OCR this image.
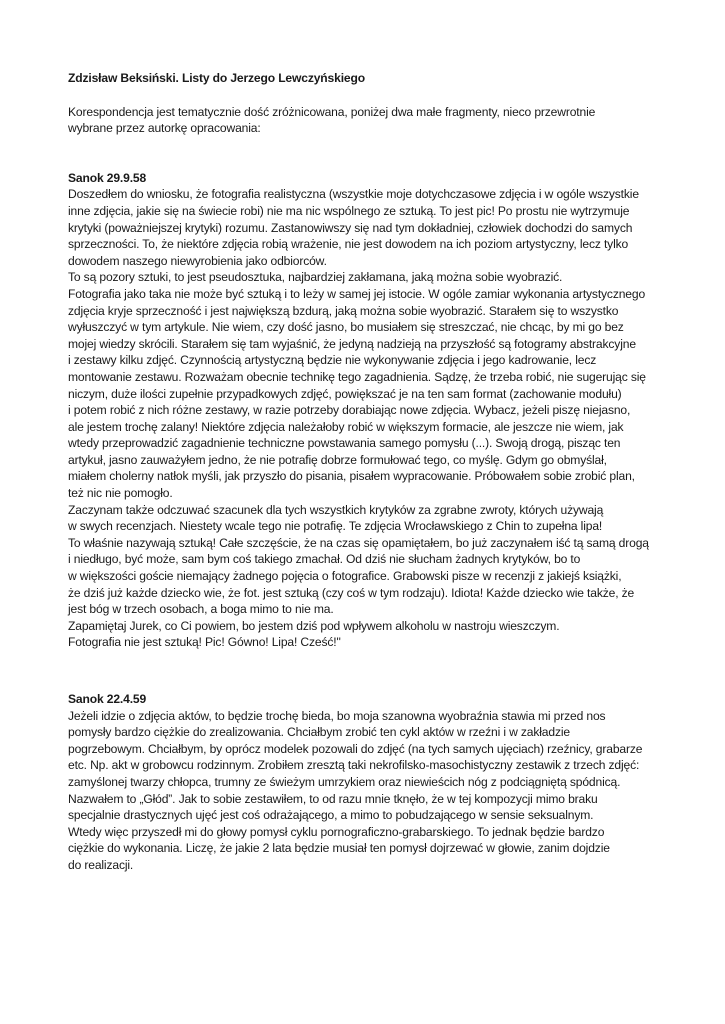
Zdzisław Beksiński. Listy do Jerzego Lewczyńskiego

Korespondencja jest tematycznie dość zróżnicowana, poniżej dwa małe fragmenty, nieco przewrotnie
wybrane przez autorkę opracowania:

Sanok 29.9.58

Doszedłem do wniosku, że fotografia realistyczna (wszystkie moje dotychczasowe zdjęcia i w ogóle wszystkie
inne zdjęcia, jakie się na świecie robi) nie ma nic wspólnego ze sztuką. To jest pic! Po prostu nie wytrzymuje
krytyki (poważniejszej krytyki) rozumu. Zastanowiwszy się nad tym dokładniej, człowiek dochodzi do samych
sprzeczności. To, że niektóre zdjęcia robią wrażenie, nie jest dowodem na ich poziom artystyczny, lecz tylko
dowodem naszego niewyrobienia jako odbiorców.
To są pozory sztuki, to jest pseudosztuka, najbardziej zakłamana, jaką można sobie wyobrazić.
Fotografia jako taka nie może być sztuką i to leży w samej jej istocie. W ogóle zamiar wykonania artystycznego
zdjęcia kryje sprzeczność i jest największą bzdurą, jaką można sobie wyobrazić. Starałem się to wszystko
wyłuszczyć w tym artykule. Nie wiem, czy dość jasno, bo musiałem się streszczać, nie chcąc, by mi go bez
mojej wiedzy skrócili. Starałem się tam wyjaśnić, że jedyną nadzieją na przyszłość są fotogramy abstrakcyjne
i zestawy kilku zdjęć. Czynnością artystyczną będzie nie wykonywanie zdjęcia i jego kadrowanie, lecz
montowanie zestawu. Rozważam obecnie technikę tego zagadnienia. Sądzę, że trzeba robić, nie sugerując się
niczym, duże ilości zupełnie przypadkowych zdjęć, powiększać je na ten sam format (zachowanie modułu)
i potem robić z nich różne zestawy, w razie potrzeby dorabiając nowe zdjęcia. Wybacz, jeżeli piszę niejasno,
ale jestem trochę zalany! Niektóre zdjęcia należałoby robić w większym formacie, ale jeszcze nie wiem, jak
wtedy przeprowadzić zagadnienie techniczne powstawania samego pomysłu (...). Swoją drogą, pisząc ten
artykuł, jasno zauważyłem jedno, że nie potrafię dobrze formułować tego, co myślę. Gdym go obmyślał,
miałem cholerny natłok myśli, jak przyszło do pisania, pisałem wypracowanie. Próbowałem sobie zrobić plan,
też nic nie pomogło.
Zaczynam także odczuwać szacunek dla tych wszystkich krytyków za zgrabne zwroty, których używają
w swych recenzjach. Niestety wcale tego nie potrafię. Te zdjęcia Wrocławskiego z Chin to zupełna lipa!
To właśnie nazywają sztuką! Całe szczęście, że na czas się opamiętałem, bo już zaczynałem iść tą samą drogą
i niedługo, być może, sam bym coś takiego zmachał. Od dziś nie słucham żadnych krytyków, bo to
w większości goście niemający żadnego pojęcia o fotografice. Grabowski pisze w recenzji z jakiejś książki,
że dziś już każde dziecko wie, że fot. jest sztuką (czy coś w tym rodzaju). Idiota! Każde dziecko wie także, że
jest bóg w trzech osobach, a boga mimo to nie ma.
Zapamiętaj Jurek, co Ci powiem, bo jestem dziś pod wpływem alkoholu w nastroju wieszczym.
Fotografia nie jest sztuką! Pic! Gówno! Lipa! Cześć!"

Sanok 22.4.59

Jeżeli idzie o zdjęcia aktów, to będzie trochę bieda, bo moja szanowna wyobraźnia stawia mi przed nos
pomysły bardzo ciężkie do zrealizowania. Chciałbym zrobić ten cykl aktów w rzeźni i w zakładzie
pogrzebowym. Chciałbym, by oprócz modelek pozowali do zdjęć (na tych samych ujęciach) rzeźnicy, grabarze
etc. Np. akt w grobowcu rodzinnym. Zrobiłem zresztą taki nekrofilsko-masochistyczny zestawik z trzech zdjęć:
zamyślonej twarzy chłopca, trumny ze świeżym umrzykiem oraz niewieścich nóg z podciągniętą spódnicą.
Nazwałem to „Głód”. Jak to sobie zestawiłem, to od razu mnie tknęło, że w tej kompozycji mimo braku
specjalnie drastycznych ujęć jest coś odrażającego, a mimo to pobudzającego w sensie seksualnym.
Wtedy więc przyszedł mi do głowy pomysł cyklu pornograficzno-grabarskiego. To jednak będzie bardzo
ciężkie do wykonania. Liczę, że jakie 2 lata będzie musiał ten pomysł dojrzewać w głowie, zanim dojdzie
do realizacji.
